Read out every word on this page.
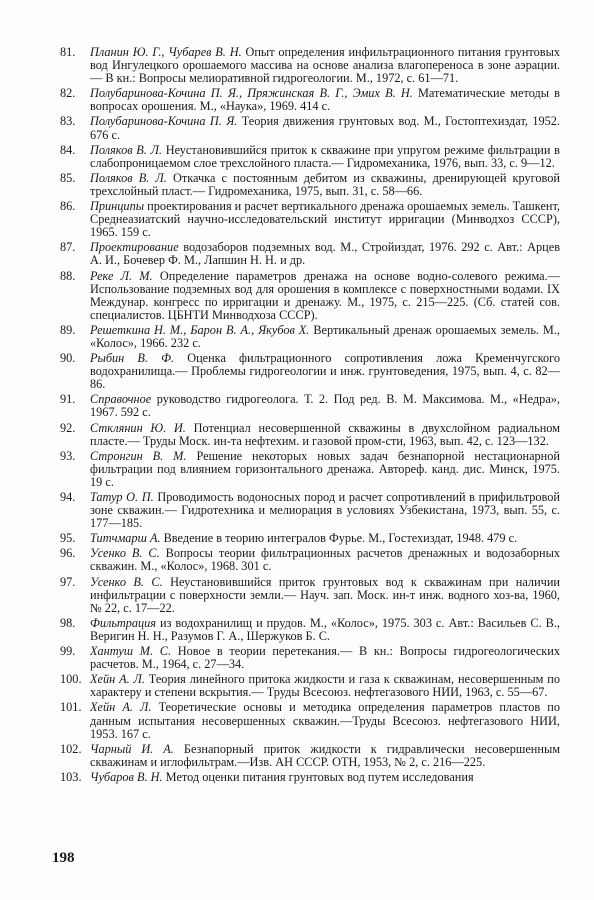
81.	Планин Ю. Г., Чубарев В. Н. Опыт определения инфильтрационного питания грунтовых вод Ингулецкого орошаемого массива на основе анализа влагопереноса в зоне аэрации.— В кн.: Вопросы мелиоративной гидрогеологии. М., 1972, с. 61—71.
82.	Полубаринова-Кочина П. Я., Пряжинская В. Г., Эмих В. Н. Математические методы в вопросах орошения. М., «Наука», 1969. 414 с.
83.	Полубаринова-Кочина П. Я. Теория движения грунтовых вод. М., Гостоптехиздат, 1952. 676 с.
84.	Поляков В. Л. Неустановившийся приток к скважине при упругом режиме фильтрации в слабопроницаемом слое трехслойного пласта.— Гидромеханика, 1976, вып. 33, с. 9—12.
85.	Поляков В. Л. Откачка с постоянным дебитом из скважины, дренирующей круговой трехслойный пласт.— Гидромеханика, 1975, вып. 31, с. 58—66.
86.	Принципы проектирования и расчет вертикального дренажа орошаемых земель. Ташкент, Среднеазиатский научно-исследовательский институт ирригации (Минводхоз СССР), 1965. 159 с.
87.	Проектирование водозаборов подземных вод. М., Стройиздат, 1976. 292 с. Авт.: Арцев А. И., Бочевер Ф. М., Лапшин Н. Н. и др.
88.	Реке Л. М. Определение параметров дренажа на основе водно-солевого режима.— Использование подземных вод для орошения в комплексе с поверхностными водами. IX Междунар. конгресс по ирригации и дренажу. М., 1975, с. 215—225. (Сб. статей сов. специалистов. ЦБНТИ Минводхоза СССР).
89.	Решеткина Н. М., Барон В. А., Якубов Х. Вертикальный дренаж орошаемых земель. М., «Колос», 1966. 232 с.
90.	Рыбин В. Ф. Оценка фильтрационного сопротивления ложа Кременчугского водохранилища.— Проблемы гидрогеологии и инж. грунтоведения, 1975, вып. 4, с. 82—86.
91.	Справочное руководство гидрогеолога. Т. 2. Под ред. В. М. Максимова. М., «Недра», 1967. 592 с.
92.	Стклянин Ю. И. Потенциал несовершенной скважины в двухслойном радиальном пласте.— Труды Моск. ин-та нефтехим. и газовой пром-сти, 1963, вып. 42, с. 123—132.
93.	Стронгин В. М. Решение некоторых новых задач безнапорной нестационарной фильтрации под влиянием горизонтального дренажа. Автореф. канд. дис. Минск, 1975. 19 с.
94.	Татур О. П. Проводимость водоносных пород и расчет сопротивлений в прифильтровой зоне скважин.— Гидротехника и мелиорация в условиях Узбекистана, 1973, вып. 55, с. 177—185.
95.	Титчмарш А. Введение в теорию интегралов Фурье. М., Гостехиздат, 1948. 479 с.
96.	Усенко В. С. Вопросы теории фильтрационных расчетов дренажных и водозаборных скважин. М., «Колос», 1968. 301 с.
97.	Усенко В. С. Неустановившийся приток грунтовых вод к скважинам при наличии инфильтрации с поверхности земли.— Науч. зап. Моск. ин-т инж. водного хоз-ва, 1960, № 22, с. 17—22.
98.	Фильтрация из водохранилищ и прудов. М., «Колос», 1975. 303 с. Авт.: Васильев С. В., Веригин Н. Н., Разумов Г. А., Шержуков Б. С.
99.	Хантуш М. С. Новое в теории перетекания.— В кн.: Вопросы гидрогеологических расчетов. М., 1964, с. 27—34.
100. Хейн А. Л. Теория линейного притока жидкости и газа к скважинам, несовершенным по характеру и степени вскрытия.— Труды Всесоюз. нефтегазового НИИ, 1963, с. 55—67.
101. Хейн А. Л. Теоретические основы и методика определения параметров пластов по данным испытания несовершенных скважин.—Труды Всесоюз. нефтегазового НИИ, 1953. 167 с.
102. Чарный И. А. Безнапорный приток жидкости к гидравлически несовершенным скважинам и иглофильтрам.—Изв. АН СССР. ОТН, 1953, № 2, с. 216—225.
103. Чубаров В. Н. Метод оценки питания грунтовых вод путем исследования
198
